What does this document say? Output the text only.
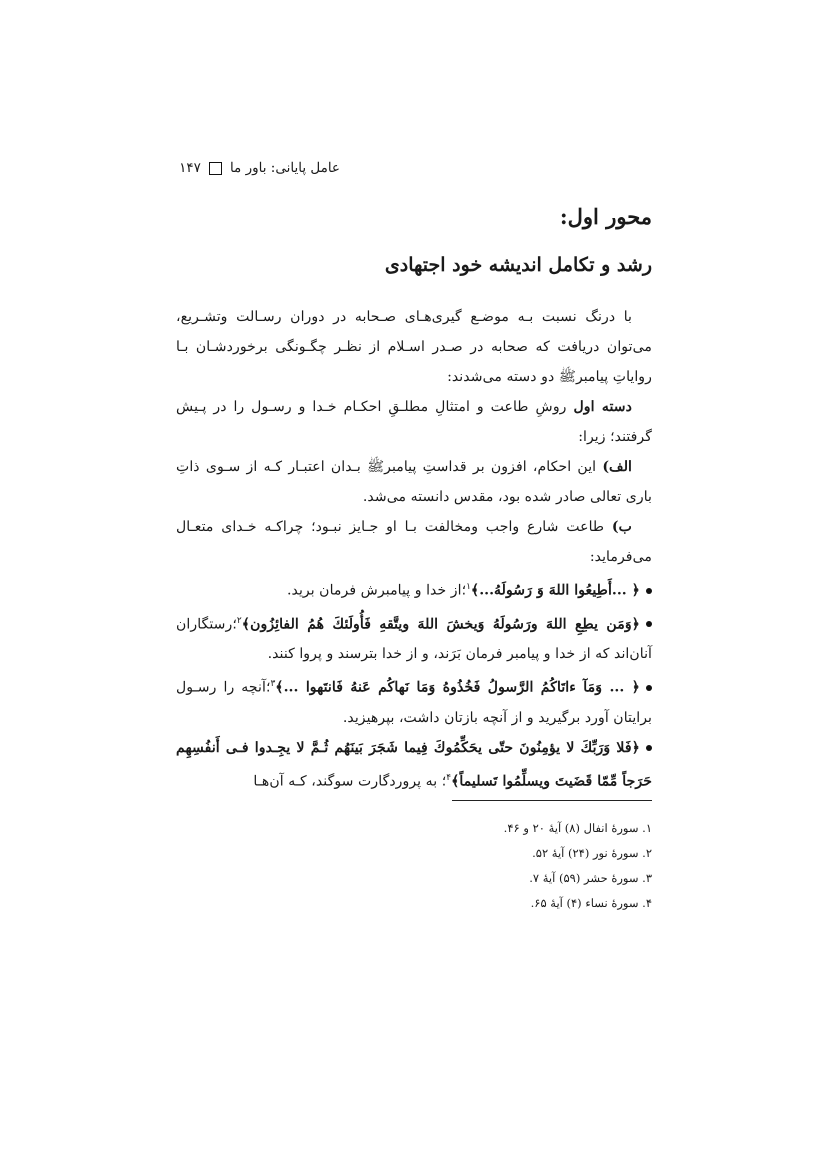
عامل پایانی: باور ما
۱۴۷
محور اول:
رشد و تکامل اندیشه خود اجتهادی

با درنگ نسبت بـه موضـع گیری‌هـای صـحابه در دوران رسـالت وتشـریع، می‌توان دریافت که صحابه در صـدر اسـلام از نظـر چگـونگی برخوردشـان بـا روایاتِ پیامبرﷺ دو دسته می‌شدند:

دسته اول روشِ طاعت و امتثالِ مطلـقِ احکـام خـدا و رسـول را در پـیش گرفتند؛ زیرا:

الف) این احکام، افزون بر قداستِ پیامبرﷺ بـدان اعتبـار کـه از سـوی ذاتِ باری تعالی صادر شده بود، مقدس دانسته می‌شد.

ب) طاعت شارع واجب ومخالفت بـا او جـایز نبـود؛ چراکـه خـدای متعـال می‌فرماید:

﴿ ...أَطِيعُوا اللهَ وَ رَسُولَهُ...﴾$^۱$؛از خدا و پیامبرش فرمان برید.

﴿وَمَن يطِعِ اللهَ ورَسُولَهُ وَيخشَ اللهَ ويتَّقهِ فَأُولَئكَ هُمُ الفائِزُون﴾$^۲$؛رستگاران آنان‌اند که از خدا و پیامبر فرمان بَرَند، و از خدا بترسند و پروا کنند.

﴿ ... وَمَآ ءاتَاكُمُ الرَّسولُ فَخُذُوهُ وَمَا نَهاكُم عَنهُ فَانتَهوا ...﴾$^۳$؛آنچه را رسـول برایتان آورد برگیرید و از آنچه بازتان داشت، بپرهیزید.

﴿فَلا وَرَبِّكَ لا يؤمِنُونَ حتّى يحَكِّمُوكَ فِيما شَجَرَ بَينَهُم ثُـمَّ لا يجِـدوا فـی أَنفُسِهِم حَرَجاً مِّمّا قَضَيتَ ويسلِّمُوا تَسليماً﴾$^۴$؛ به پروردگارت سوگند، کـه آن‌هـا

۱. سورهٔ انفال (۸) آیهٔ ۲۰ و ۴۶.
۲. سورهٔ نور (۲۴) آیهٔ ۵۲.
۳. سورهٔ حشر (۵۹) آیهٔ ۷.
۴. سورهٔ نساء (۴) آیهٔ ۶۵.
